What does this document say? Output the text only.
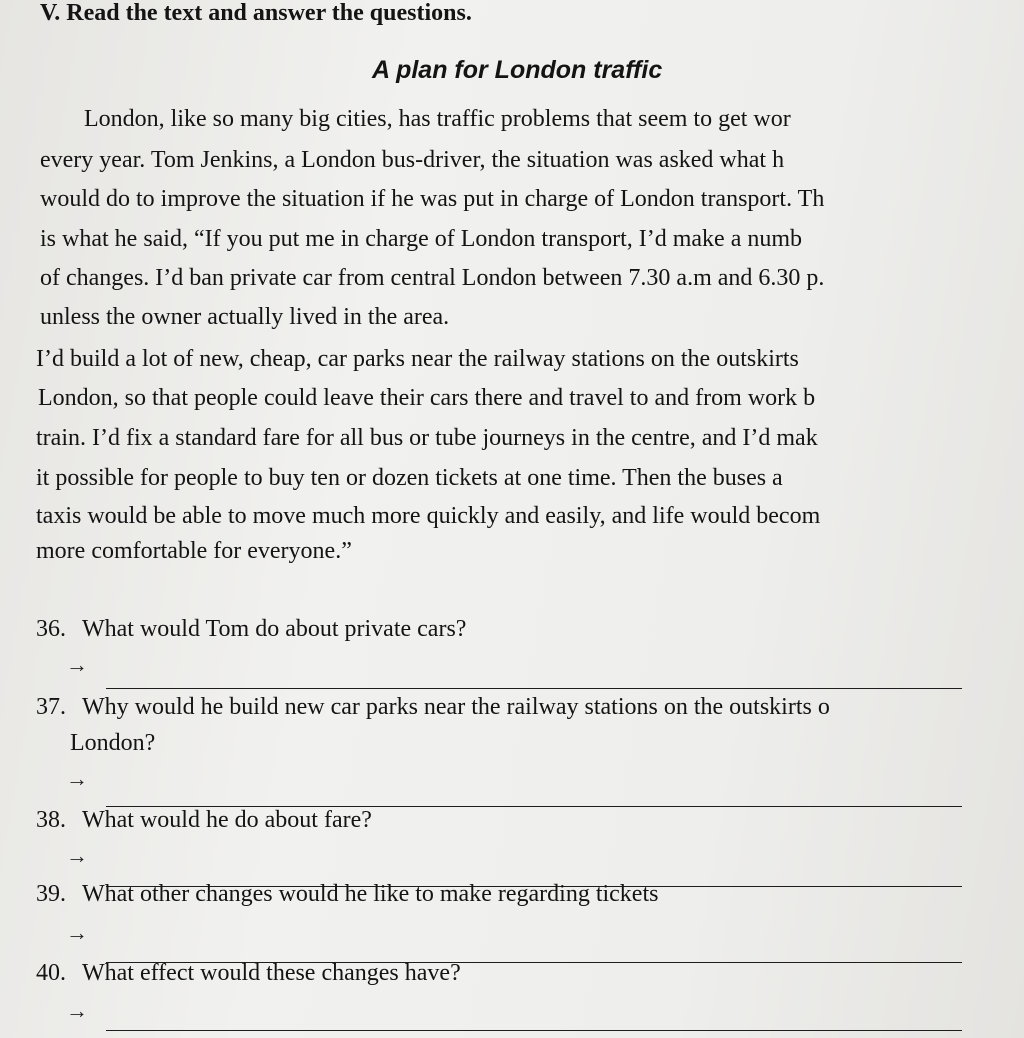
V. Read the text and answer the questions.
A plan for London traffic
London, like so many big cities, has traffic problems that seem to get wor
every year. Tom Jenkins, a London bus-driver, the situation was asked what h
would do to improve the situation if he was put in charge of London transport. Th
is what he said, “If you put me in charge of London transport, I’d make a numb
of changes. I’d ban private car from central London between 7.30 a.m and 6.30 p.
unless the owner actually lived in the area.
I’d build a lot of new, cheap, car parks near the railway stations on the outskirts
London, so that people could leave their cars there and travel to and from work b
train. I’d fix a standard fare for all bus or tube journeys in the centre, and I’d mak
it possible for people to buy ten or dozen tickets at one time. Then the buses a
taxis would be able to move much more quickly and easily, and life would becom
more comfortable for everyone.”
36. What would Tom do about private cars?
→
37. Why would he build new car parks near the railway stations on the outskirts o
London?
→
38. What would he do about fare?
→
39. What other changes would he like to make regarding tickets
→
40. What effect would these changes have?
→
